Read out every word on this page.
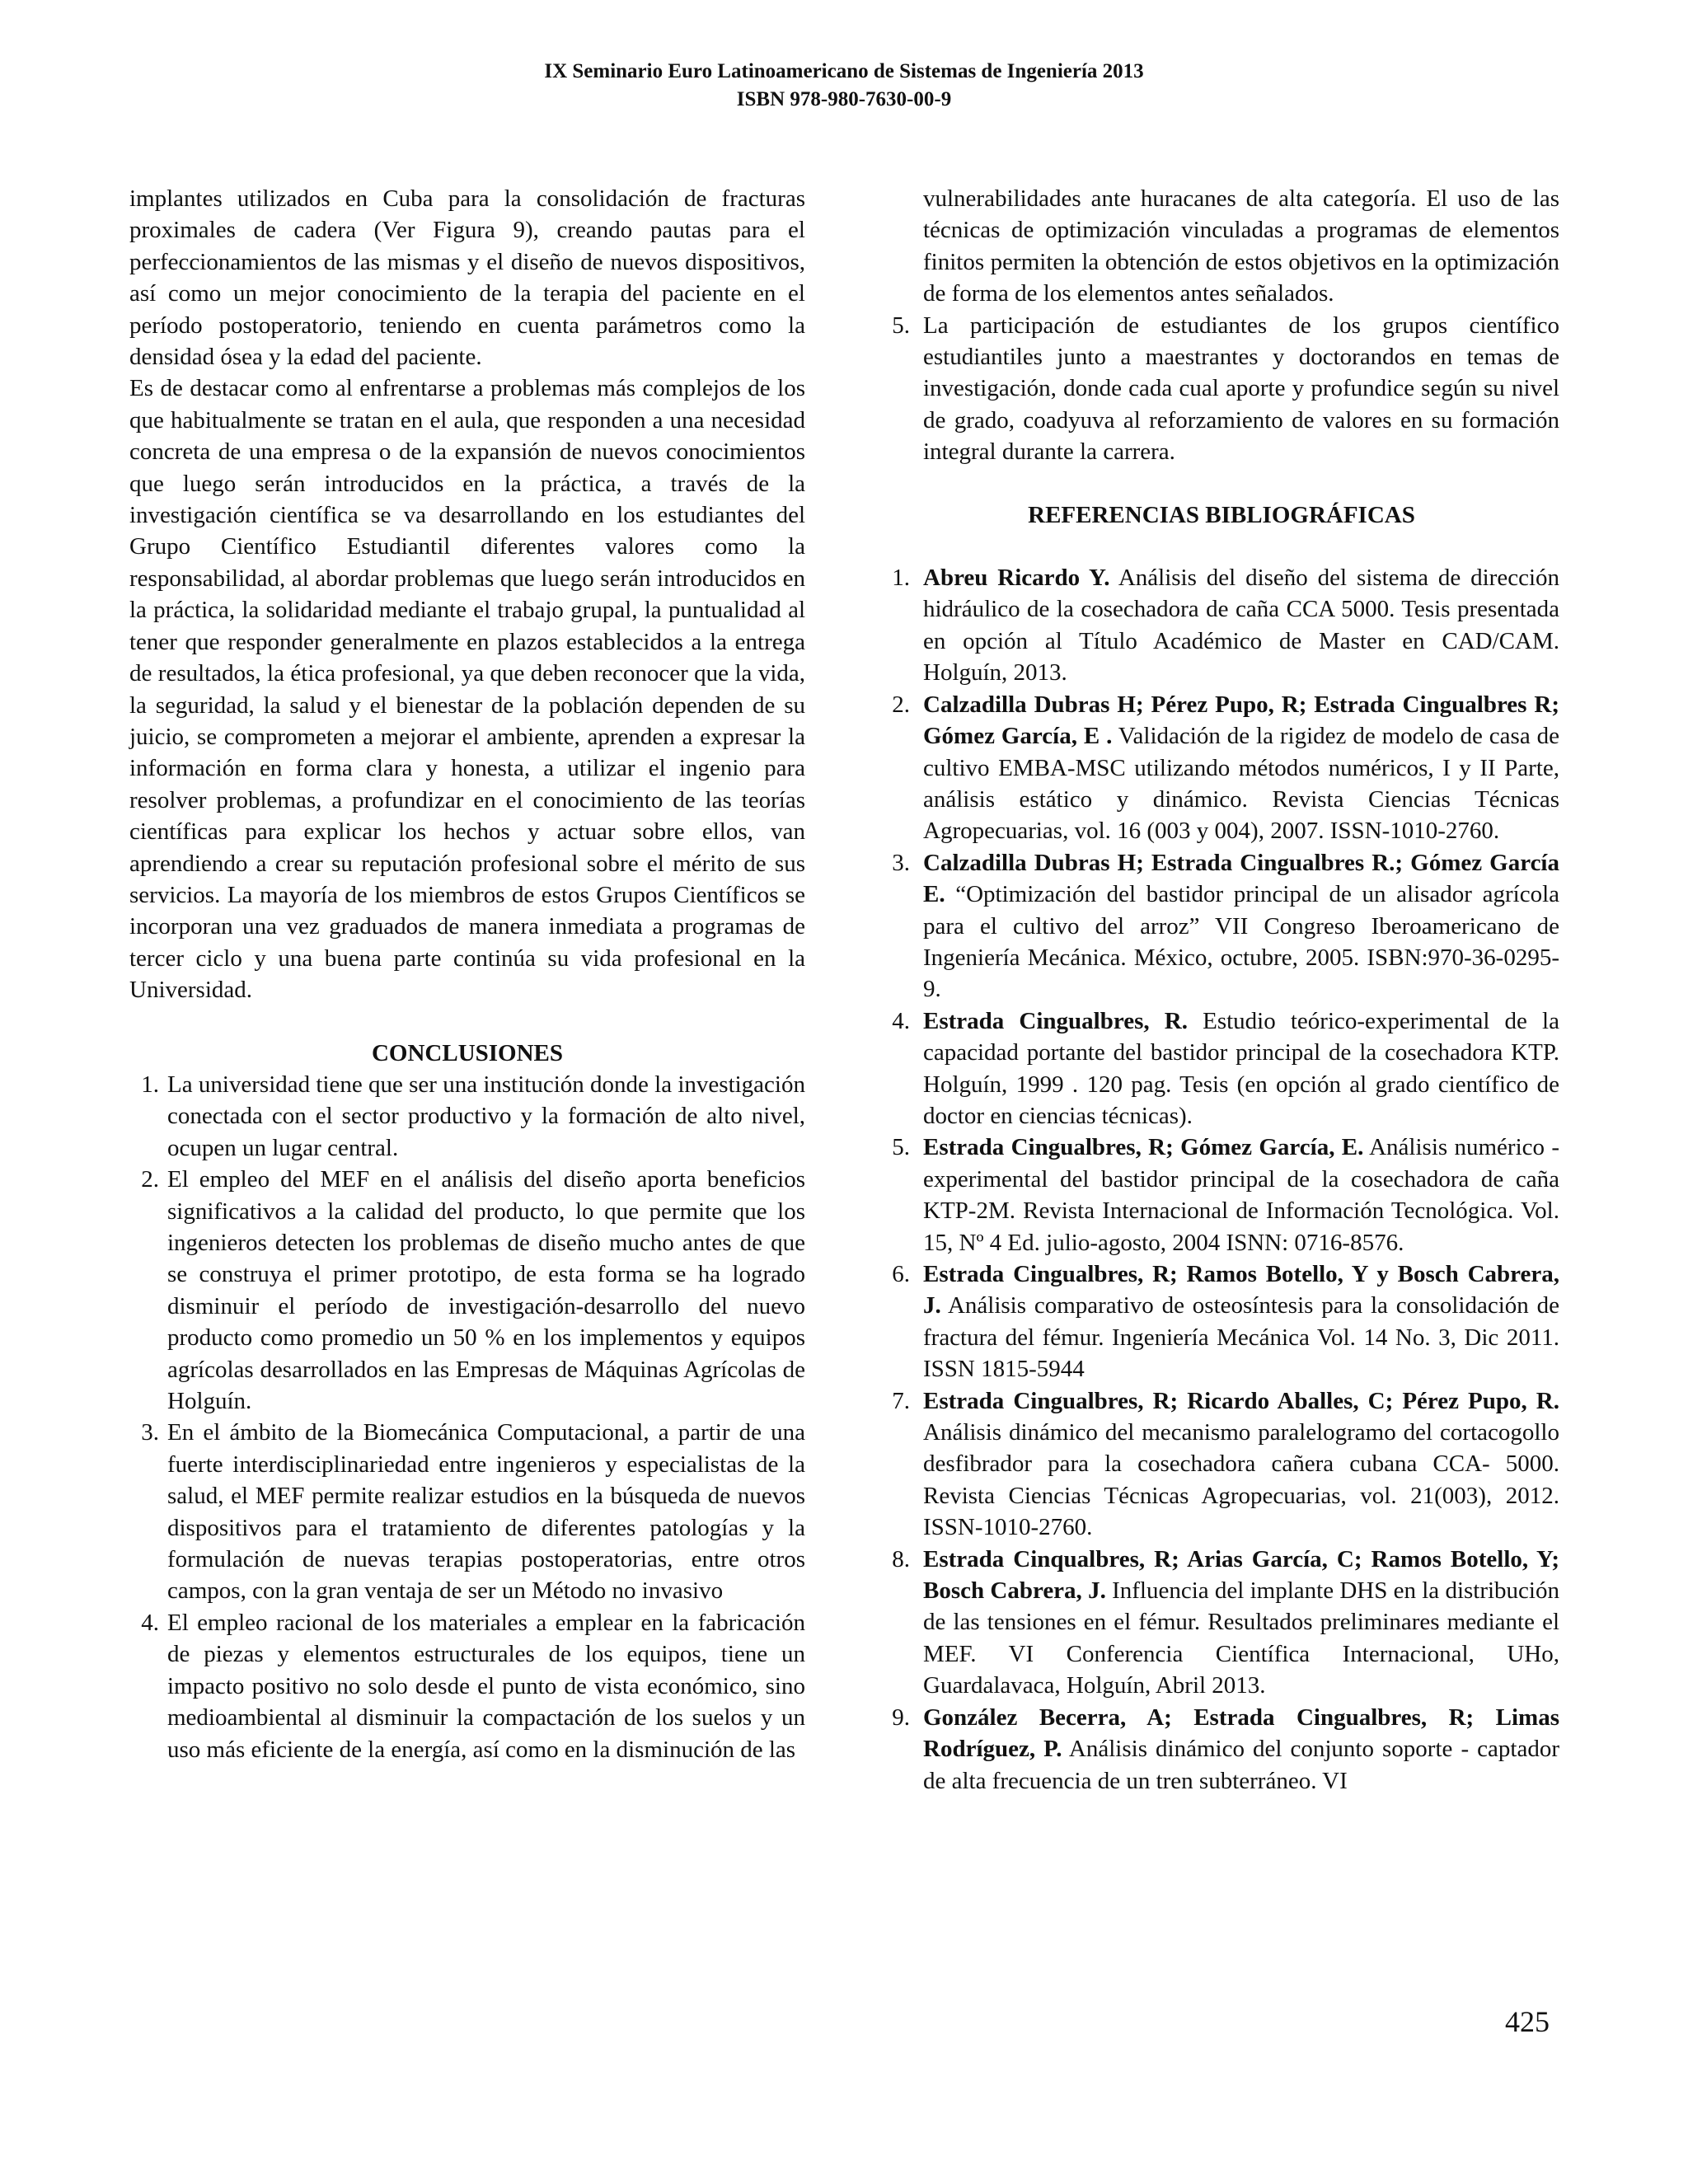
IX Seminario Euro Latinoamericano de Sistemas de Ingeniería 2013
ISBN 978-980-7630-00-9

implantes utilizados en Cuba para la consolidación de fracturas proximales de cadera (Ver Figura 9), creando pautas para el perfeccionamientos de las mismas y el diseño de nuevos dispositivos, así como un mejor conocimiento de la terapia del paciente en el período postoperatorio, teniendo en cuenta parámetros como la densidad ósea y la edad del paciente.

Es de destacar como al enfrentarse a problemas más complejos de los que habitualmente se tratan en el aula, que responden a una necesidad concreta de una empresa o de la expansión de nuevos conocimientos que luego serán introducidos en la práctica, a través de la investigación científica se va desarrollando en los estudiantes del Grupo Científico Estudiantil diferentes valores como la responsabilidad, al abordar problemas que luego serán introducidos en la práctica, la solidaridad mediante el trabajo grupal, la puntualidad al tener que responder generalmente en plazos establecidos a la entrega de resultados, la ética profesional, ya que deben reconocer que la vida, la seguridad, la salud y el bienestar de la población dependen de su juicio, se comprometen a mejorar el ambiente, aprenden a expresar la información en forma clara y honesta, a utilizar el ingenio para resolver problemas, a profundizar en el conocimiento de las teorías científicas para explicar los hechos y actuar sobre ellos, van aprendiendo a crear su reputación profesional sobre el mérito de sus servicios. La mayoría de los miembros de estos Grupos Científicos se incorporan una vez graduados de manera inmediata a programas de tercer ciclo y una buena parte continúa su vida profesional en la Universidad.

CONCLUSIONES

1. La universidad tiene que ser una institución donde la investigación conectada con el sector productivo y la formación de alto nivel, ocupen un lugar central.
2. El empleo del MEF en el análisis del diseño aporta beneficios significativos a la calidad del producto, lo que permite que los ingenieros detecten los problemas de diseño mucho antes de que se construya el primer prototipo, de esta forma se ha logrado disminuir el período de investigación-desarrollo del nuevo producto como promedio un 50 % en los implementos y equipos agrícolas desarrollados en las Empresas de Máquinas Agrícolas de Holguín.
3. En el ámbito de la Biomecánica Computacional, a partir de una fuerte interdisciplinariedad entre ingenieros y especialistas de la salud, el MEF permite realizar estudios en la búsqueda de nuevos dispositivos para el tratamiento de diferentes patologías y la formulación de nuevas terapias postoperatorias, entre otros campos, con la gran ventaja de ser un Método no invasivo
4. El empleo racional de los materiales a emplear en la fabricación de piezas y elementos estructurales de los equipos, tiene un impacto positivo no solo desde el punto de vista económico, sino medioambiental al disminuir la compactación de los suelos y un uso más eficiente de la energía, así como en la disminución de las
vulnerabilidades ante huracanes de alta categoría. El uso de las técnicas de optimización vinculadas a programas de elementos finitos permiten la obtención de estos objetivos en la optimización de forma de los elementos antes señalados.
5. La participación de estudiantes de los grupos científico estudiantiles junto a maestrantes y doctorandos en temas de investigación, donde cada cual aporte y profundice según su nivel de grado, coadyuva al reforzamiento de valores en su formación integral durante la carrera.

REFERENCIAS BIBLIOGRÁFICAS

1. Abreu Ricardo Y. Análisis del diseño del sistema de dirección hidráulico de la cosechadora de caña CCA 5000. Tesis presentada en opción al Título Académico de Master en CAD/CAM. Holguín, 2013.
2. Calzadilla Dubras H; Pérez Pupo, R; Estrada Cingualbres R; Gómez García, E . Validación de la rigidez de modelo de casa de cultivo EMBA-MSC utilizando métodos numéricos, I y II Parte, análisis estático y dinámico. Revista Ciencias Técnicas Agropecuarias, vol. 16 (003 y 004), 2007. ISSN-1010-2760.
3. Calzadilla Dubras H; Estrada Cingualbres R.; Gómez García E. “Optimización del bastidor principal de un alisador agrícola para el cultivo del arroz” VII Congreso Iberoamericano de Ingeniería Mecánica. México, octubre, 2005. ISBN:970-36-0295-9.
4. Estrada Cingualbres, R. Estudio teórico-experimental de la capacidad portante del bastidor principal de la cosechadora KTP. Holguín, 1999 . 120 pag. Tesis (en opción al grado científico de doctor en ciencias técnicas).
5. Estrada Cingualbres, R; Gómez García, E. Análisis numérico - experimental del bastidor principal de la cosechadora de caña KTP-2M. Revista Internacional de Información Tecnológica. Vol. 15, Nº 4 Ed. julio-agosto, 2004 ISNN: 0716-8576.
6. Estrada Cingualbres, R; Ramos Botello, Y y Bosch Cabrera, J. Análisis comparativo de osteosíntesis para la consolidación de fractura del fémur. Ingeniería Mecánica Vol. 14 No. 3, Dic 2011. ISSN 1815-5944
7. Estrada Cingualbres, R; Ricardo Aballes, C; Pérez Pupo, R. Análisis dinámico del mecanismo paralelogramo del cortacogollo desfibrador para la cosechadora cañera cubana CCA- 5000. Revista Ciencias Técnicas Agropecuarias, vol. 21(003), 2012. ISSN-1010-2760.
8. Estrada Cinqualbres, R; Arias García, C; Ramos Botello, Y; Bosch Cabrera, J. Influencia del implante DHS en la distribución de las tensiones en el fémur. Resultados preliminares mediante el MEF. VI Conferencia Científica Internacional, UHo, Guardalavaca, Holguín, Abril 2013.
9. González Becerra, A; Estrada Cingualbres, R; Limas Rodríguez, P. Análisis dinámico del conjunto soporte - captador de alta frecuencia de un tren subterráneo. VI
425
